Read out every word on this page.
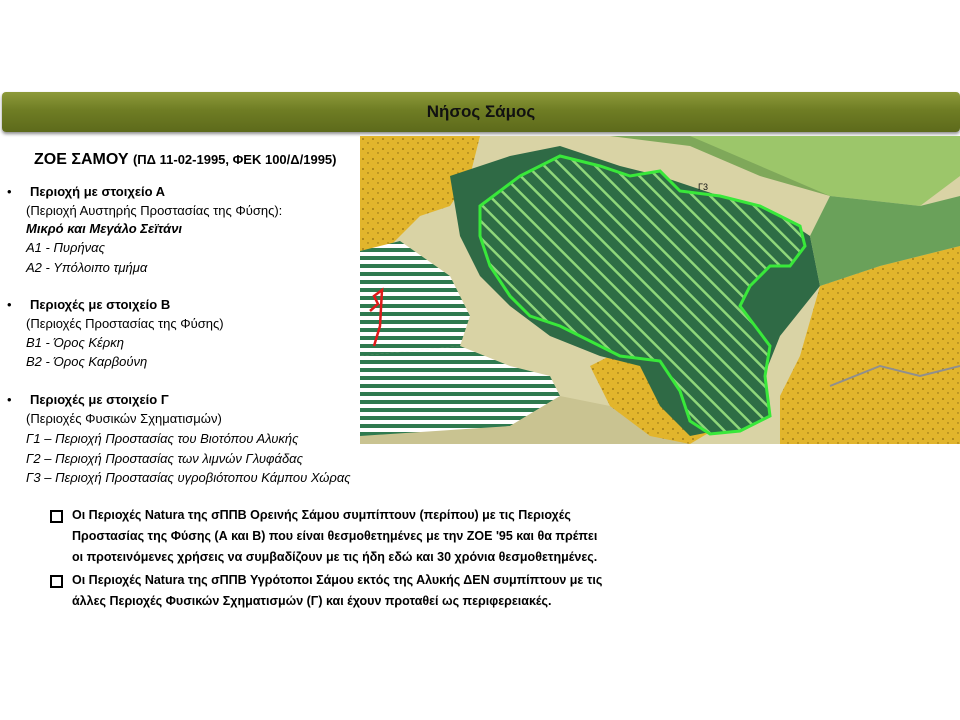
Νήσος Σάμος
Γ3
ΖΟΕ ΣΑΜΟΥ (ΠΔ 11-02-1995, ΦΕΚ 100/Δ/1995)
• Περιοχή με στοιχείο Α
(Περιοχή Αυστηρής Προστασίας της Φύσης):
Μικρό και Μεγάλο Σεϊτάνι
Α1 - Πυρήνας
Α2 - Υπόλοιπο τμήμα
• Περιοχές με στοιχείο Β
(Περιοχές Προστασίας της Φύσης)
Β1 - Όρος Κέρκη
Β2 - Όρος Καρβούνη
• Περιοχές με στοιχείο Γ
(Περιοχές Φυσικών Σχηματισμών)
Γ1 – Περιοχή Προστασίας του Βιοτόπου Αλυκής
Γ2 – Περιοχή Προστασίας των λιμνών Γλυφάδας
Γ3 – Περιοχή Προστασίας υγροβιότοπου Κάμπου Χώρας
Οι Περιοχές Natura της σΠΠΒ Ορεινής Σάμου συμπίπτουν (περίπου) με τις Περιοχές
Προστασίας της Φύσης (Α και Β) που είναι θεσμοθετημένες με την ΖΟΕ '95 και θα πρέπει
οι προτεινόμενες χρήσεις να συμβαδίζουν με τις ήδη εδώ και 30 χρόνια θεσμοθετημένες.
Οι Περιοχές Natura της σΠΠΒ Υγρότοποι Σάμου εκτός της Αλυκής ΔΕΝ συμπίπτουν με τις
άλλες Περιοχές Φυσικών Σχηματισμών (Γ) και έχουν προταθεί ως περιφερειακές.
